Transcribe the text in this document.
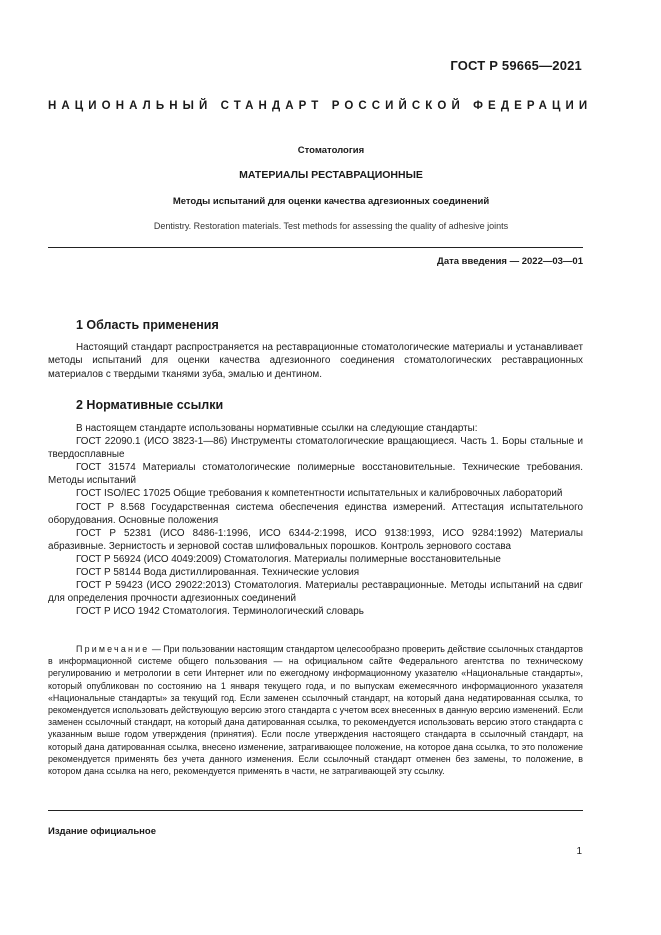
ГОСТ Р 59665—2021
НАЦИОНАЛЬНЫЙ СТАНДАРТ РОССИЙСКОЙ ФЕДЕРАЦИИ
Стоматология
МАТЕРИАЛЫ РЕСТАВРАЦИОННЫЕ
Методы испытаний для оценки качества адгезионных соединений
Dentistry. Restoration materials. Test methods for assessing the quality of adhesive joints
Дата введения — 2022—03—01
1 Область применения
Настоящий стандарт распространяется на реставрационные стоматологические материалы и устанавливает методы испытаний для оценки качества адгезионного соединения стоматологических реставрационных материалов с твердыми тканями зуба, эмалью и дентином.
2 Нормативные ссылки
В настоящем стандарте использованы нормативные ссылки на следующие стандарты:
ГОСТ 22090.1 (ИСО 3823-1—86) Инструменты стоматологические вращающиеся. Часть 1. Боры стальные и твердосплавные
ГОСТ 31574 Материалы стоматологические полимерные восстановительные. Технические требования. Методы испытаний
ГОСТ ISO/IEC 17025 Общие требования к компетентности испытательных и калибровочных лабораторий
ГОСТ Р 8.568 Государственная система обеспечения единства измерений. Аттестация испытательного оборудования. Основные положения
ГОСТ Р 52381 (ИСО 8486-1:1996, ИСО 6344-2:1998, ИСО 9138:1993, ИСО 9284:1992) Материалы абразивные. Зернистость и зерновой состав шлифовальных порошков. Контроль зернового состава
ГОСТ Р 56924 (ИСО 4049:2009) Стоматология. Материалы полимерные восстановительные
ГОСТ Р 58144 Вода дистиллированная. Технические условия
ГОСТ Р 59423 (ИСО 29022:2013) Стоматология. Материалы реставрационные. Методы испытаний на сдвиг для определения прочности адгезионных соединений
ГОСТ Р ИСО 1942 Стоматология. Терминологический словарь
Примечание — При пользовании настоящим стандартом целесообразно проверить действие ссылочных стандартов в информационной системе общего пользования — на официальном сайте Федерального агентства по техническому регулированию и метрологии в сети Интернет или по ежегодному информационному указателю «Национальные стандарты», который опубликован по состоянию на 1 января текущего года, и по выпускам ежемесячного информационного указателя «Национальные стандарты» за текущий год. Если заменен ссылочный стандарт, на который дана недатированная ссылка, то рекомендуется использовать действующую версию этого стандарта с учетом всех внесенных в данную версию изменений. Если заменен ссылочный стандарт, на который дана датированная ссылка, то рекомендуется использовать версию этого стандарта с указанным выше годом утверждения (принятия). Если после утверждения настоящего стандарта в ссылочный стандарт, на который дана датированная ссылка, внесено изменение, затрагивающее положение, на которое дана ссылка, то это положение рекомендуется применять без учета данного изменения. Если ссылочный стандарт отменен без замены, то положение, в котором дана ссылка на него, рекомендуется применять в части, не затрагивающей эту ссылку.
Издание официальное
1
